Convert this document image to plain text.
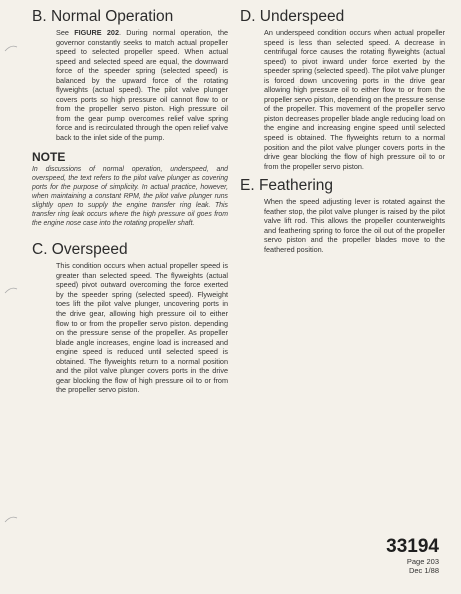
B. Normal Operation

See FIGURE 202. During normal operation, the governor constantly seeks to match actual propeller speed to selected propeller speed. When actual speed and selected speed are equal, the downward force of the speeder spring (selected speed) is balanced by the upward force of the rotating flyweights (actual speed). The pilot valve plunger covers ports so high pressure oil cannot flow to or from the propeller servo piston. High pressure oil from the gear pump overcomes relief valve spring force and is recirculated through the open relief valve back to the inlet side of the pump.

NOTE

In discussions of normal operation, underspeed, and overspeed, the text refers to the pilot valve plunger as covering ports for the purpose of simplicity. In actual practice, however, when maintaining a constant RPM, the pilot valve plunger runs slightly open to supply the engine transfer ring leak. This transfer ring leak occurs where the high pressure oil goes from the engine nose case into the rotating propeller shaft.

C. Overspeed

This condition occurs when actual propeller speed is greater than selected speed. The flyweights (actual speed) pivot outward overcoming the force exerted by the speeder spring (selected speed). Flyweight toes lift the pilot valve plunger, uncovering ports in the drive gear, allowing high pressure oil to either flow to or from the propeller servo piston. depending on the pressure sense of the propeller. As propeller blade angle increases, engine load is increased and engine speed is reduced until selected speed is obtained. The flyweights return to a normal position and the pilot valve plunger covers ports in the drive gear blocking the flow of high pressure oil to or from the propeller servo piston.

D. Underspeed

An underspeed condition occurs when actual propeller speed is less than selected speed. A decrease in centrifugal force causes the rotating flyweights (actual speed) to pivot inward under force exerted by the speeder spring (selected speed). The pilot valve plunger is forced down uncovering ports in the drive gear allowing high pressure oil to either flow to or from the propeller servo piston, depending on the pressure sense of the propeller. This movement of the propeller servo piston decreases propeller blade angle reducing load on the engine and increasing engine speed until selected speed is obtained. The flyweights return to a normal position and the pilot valve plunger covers ports in the drive gear blocking the flow of high pressure oil to or from the propeller servo piston.

E. Feathering

When the speed adjusting lever is rotated against the feather stop, the pilot valve plunger is raised by the pilot valve lift rod. This allows the propeller counterweights and feathering spring to force the oil out of the propeller servo piston and the propeller blades move to the feathered position.

33194
Page 203
Dec 1/88
